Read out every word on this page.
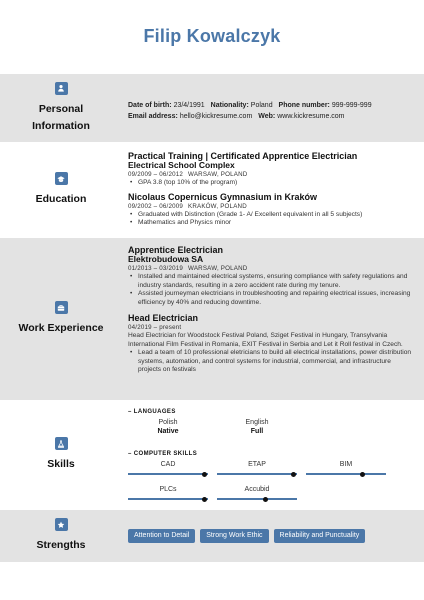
Filip Kowalczyk
Personal
Information
Date of birth: 23/4/1991 Nationality: Poland Phone number: 999-999-999
Email address: hello@kickresume.com Web: www.kickresume.com
Education
Practical Training | Certificated Apprentice Electrician
Electrical School Complex
09/2009 – 06/2012 WARSAW, POLAND
• GPA 3.8 (top 10% of the program)
Nicolaus Copernicus Gymnasium in Kraków
09/2002 – 06/2009 KRAKÓW, POLAND
• Graduated with Distinction (Grade 1- A/ Excellent equivalent in all 5 subjects)
• Mathematics and Physics minor
Work Experience
Apprentice Electrician
Elektrobudowa SA
01/2013 – 03/2019 WARSAW, POLAND
• Installed and maintained electrical systems, ensuring compliance with safety regulations and industry standards, resulting in a zero accident rate during my tenure.
• Assisted journeyman electricians in troubleshooting and repairing electrical issues, increasing efficiency by 40% and reducing downtime.
Head Electrician
04/2019 – present
Head Electrician for Woodstock Festival Poland, Sziget Festival in Hungary, Transylvania International Film Festival in Romania, EXIT Festival in Serbia and Let it Roll festival in Czech.
• Lead a team of 10 professional eletricians to build all electrical installations, power distribution systems, automation, and control systems for industrial, commercial, and infrastructure projects on festivals
Skills
– LANGUAGES
Polish
Native
English
Full
– COMPUTER SKILLS
CAD	ETAP	BIM
PLCs	Accubid
Strengths
Attention to Detail	Strong Work Ethic	Reliability and Punctuality
